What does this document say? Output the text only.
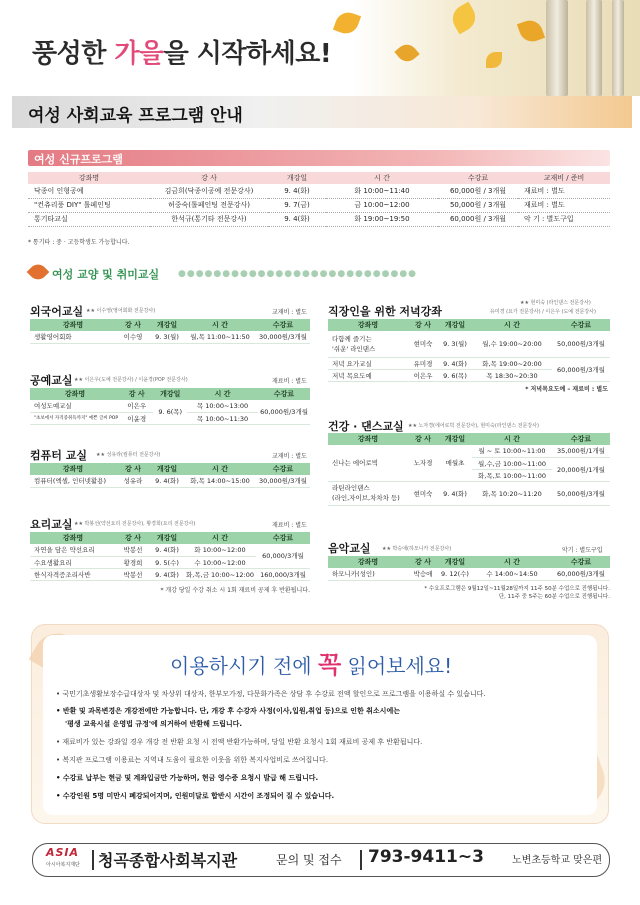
풍성한 가을을 시작하세요!
여성 사회교육 프로그램 안내
여성 신규프로그램
강좌명	강 사	개강일	시 간	수강료	교재비 / 준비
닥종이 인형공예	김금희(닥종이공예 전문강사)	9. 4(화)	화 10:00~11:40	60,000원 / 3개월	재료비 : 별도
"컨츄리풍 DIY" 톨페인팅	허중숙(톨페인팅 전문강사)	9. 7(금)	금 10:00~12:00	50,000원 / 3개월	재료비 : 별도
통기타교실	한석규(통기타 전문강사)	9. 4(화)	화 19:00~19:50	60,000원 / 3개월	악 기 : 별도구입
* 통기타 : 중 · 고등학생도 가능합니다.
여성 교양 및 취미교실 ●●●●●●●●●●●●●●●●●●●●●●●●●●●
외국어교실 ★★ 이수영(영어회화 전문강사)	교재비 : 별도
강좌명	강 사	개강일	시 간	수강료
생활영어회화	이수영	9. 3(월)	월,목 11:00~11:50	30,000원/3개월
공예교실 ★★ 이은우(도예 전문강사) / 이윤경(POP 전문강사)	재료비 : 별도
강좌명	강 사	개강일	시 간	수강료
여성도예교실	이은우	9. 6(목)	목 10:00~13:00	60,000원/3개월
"초보에서 자격증취득까지" 예쁜 글씨 POP	이윤경		목 10:00~11:30	
컴퓨터 교실 ★★ 성유라(컴퓨터 전문강사)	교재비 : 별도
강좌명	강 사	개강일	시 간	수강료
컴퓨터(엑셀, 인터넷활용)	성유라	9. 4(화)	화,목 14:00~15:00	30,000원/3개월
요리교실 ★★ 박봉선(약선요리 전문강사), 황경희(요리 전문강사)	재료비 : 별도
강좌명	강 사	개강일	시 간	수강료
자연을 담은 약선요리	박봉선	9. 4(화)	화 10:00~12:00	60,000/3개월
수요생활요리	황경희	9. 5(수)	수 10:00~12:00	
한식자격증조리사반	박봉선	9. 4(화)	화,목,금 10:00~12:00	160,000/3개월
* 개강 당일 수강 취소 시 1회 재료비 공제 후 반환됩니다.
직장인을 위한 저녁강좌
★★ 현미숙 (라인댄스 전문강사)
유미경 (요가 전문강사) / 이은우 (도예 전문강사)
강좌명	강 사	개강일	시 간	수강료
다함께 즐기는
'쉬운' 라인댄스	현미숙	9. 3(월)	월,수 19:00~20:00	50,000원/3개월
저녁 요가교실	유미경	9. 4(화)	화,목 19:00~20:00	60,000원/3개월
저녁 목요도예	이은우	9. 6(목)	목 18:30~20:30	
* 저녁목요도예 – 재료비 : 별도
건강 · 댄스교실 ★★ 노자경(에어로빅 전문강사), 현미숙(라인댄스 전문강사)
강좌명	강 사	개강일	시 간	수강료
신나는 에어로빅	노자경	매월초	월 ~ 토 10:00~11:00	35,000원/1개월
			월,수,금 10:00~11:00	20,000원/1개월
			화,목,토 10:00~11:00	
라틴라인댄스
(라인,자이브,차차차 등)	현미숙	9. 4(화)	화,목 10:20~11:20	50,000원/3개월
음악교실 ★★ 박승애(하모니카 전문강사)	악기 : 별도구입
강좌명	강 사	개강일	시 간	수강료
하모니카(성인)	박승애	9. 12(수)	수 14:00~14:50	60,000원/3개월
* 수요프로그램은 9월12일~11월28일까지 11주 50분 수업으로 진행됩니다.
단, 11주 중 5주는 60분 수업으로 진행됩니다.
이용하시기 전에 꼭 읽어보세요!
• 국민기초생활보장수급대상자 및 차상위 대상자, 한부모가정, 다문화가족은 상담 후 수강료 전액 할인으로 프로그램을 이용하실 수 있습니다.
• 반환 및 과목변경은 개강전에만 가능합니다. 단, 개강 후 수강자 사정(이사,입원,취업 등)으로 인한 취소시에는
'평생 교육시설 운영법 규정'에 의거하여 반환해 드립니다.
• 재료비가 있는 강좌일 경우 개강 전 반환 요청 시 전액 반환가능하며, 당일 반환 요청시 1회 재료비 공제 후 반환됩니다.
• 복지관 프로그램 이용료는 지역내 도움이 필요한 이웃을 위한 복지사업비로 쓰여집니다.
• 수강료 납부는 현금 및 계좌입금만 가능하며, 현금 영수증 요청시 발급 해 드립니다.
• 수강인원 5명 미만시 폐강되어지며, 인원미달로 합반시 시간이 조정되어 질 수 있습니다.
ASIA
아시아복지재단	청곡종합사회복지관	문의 및 접수 793-9411~3	노변초등학교 맞은편
